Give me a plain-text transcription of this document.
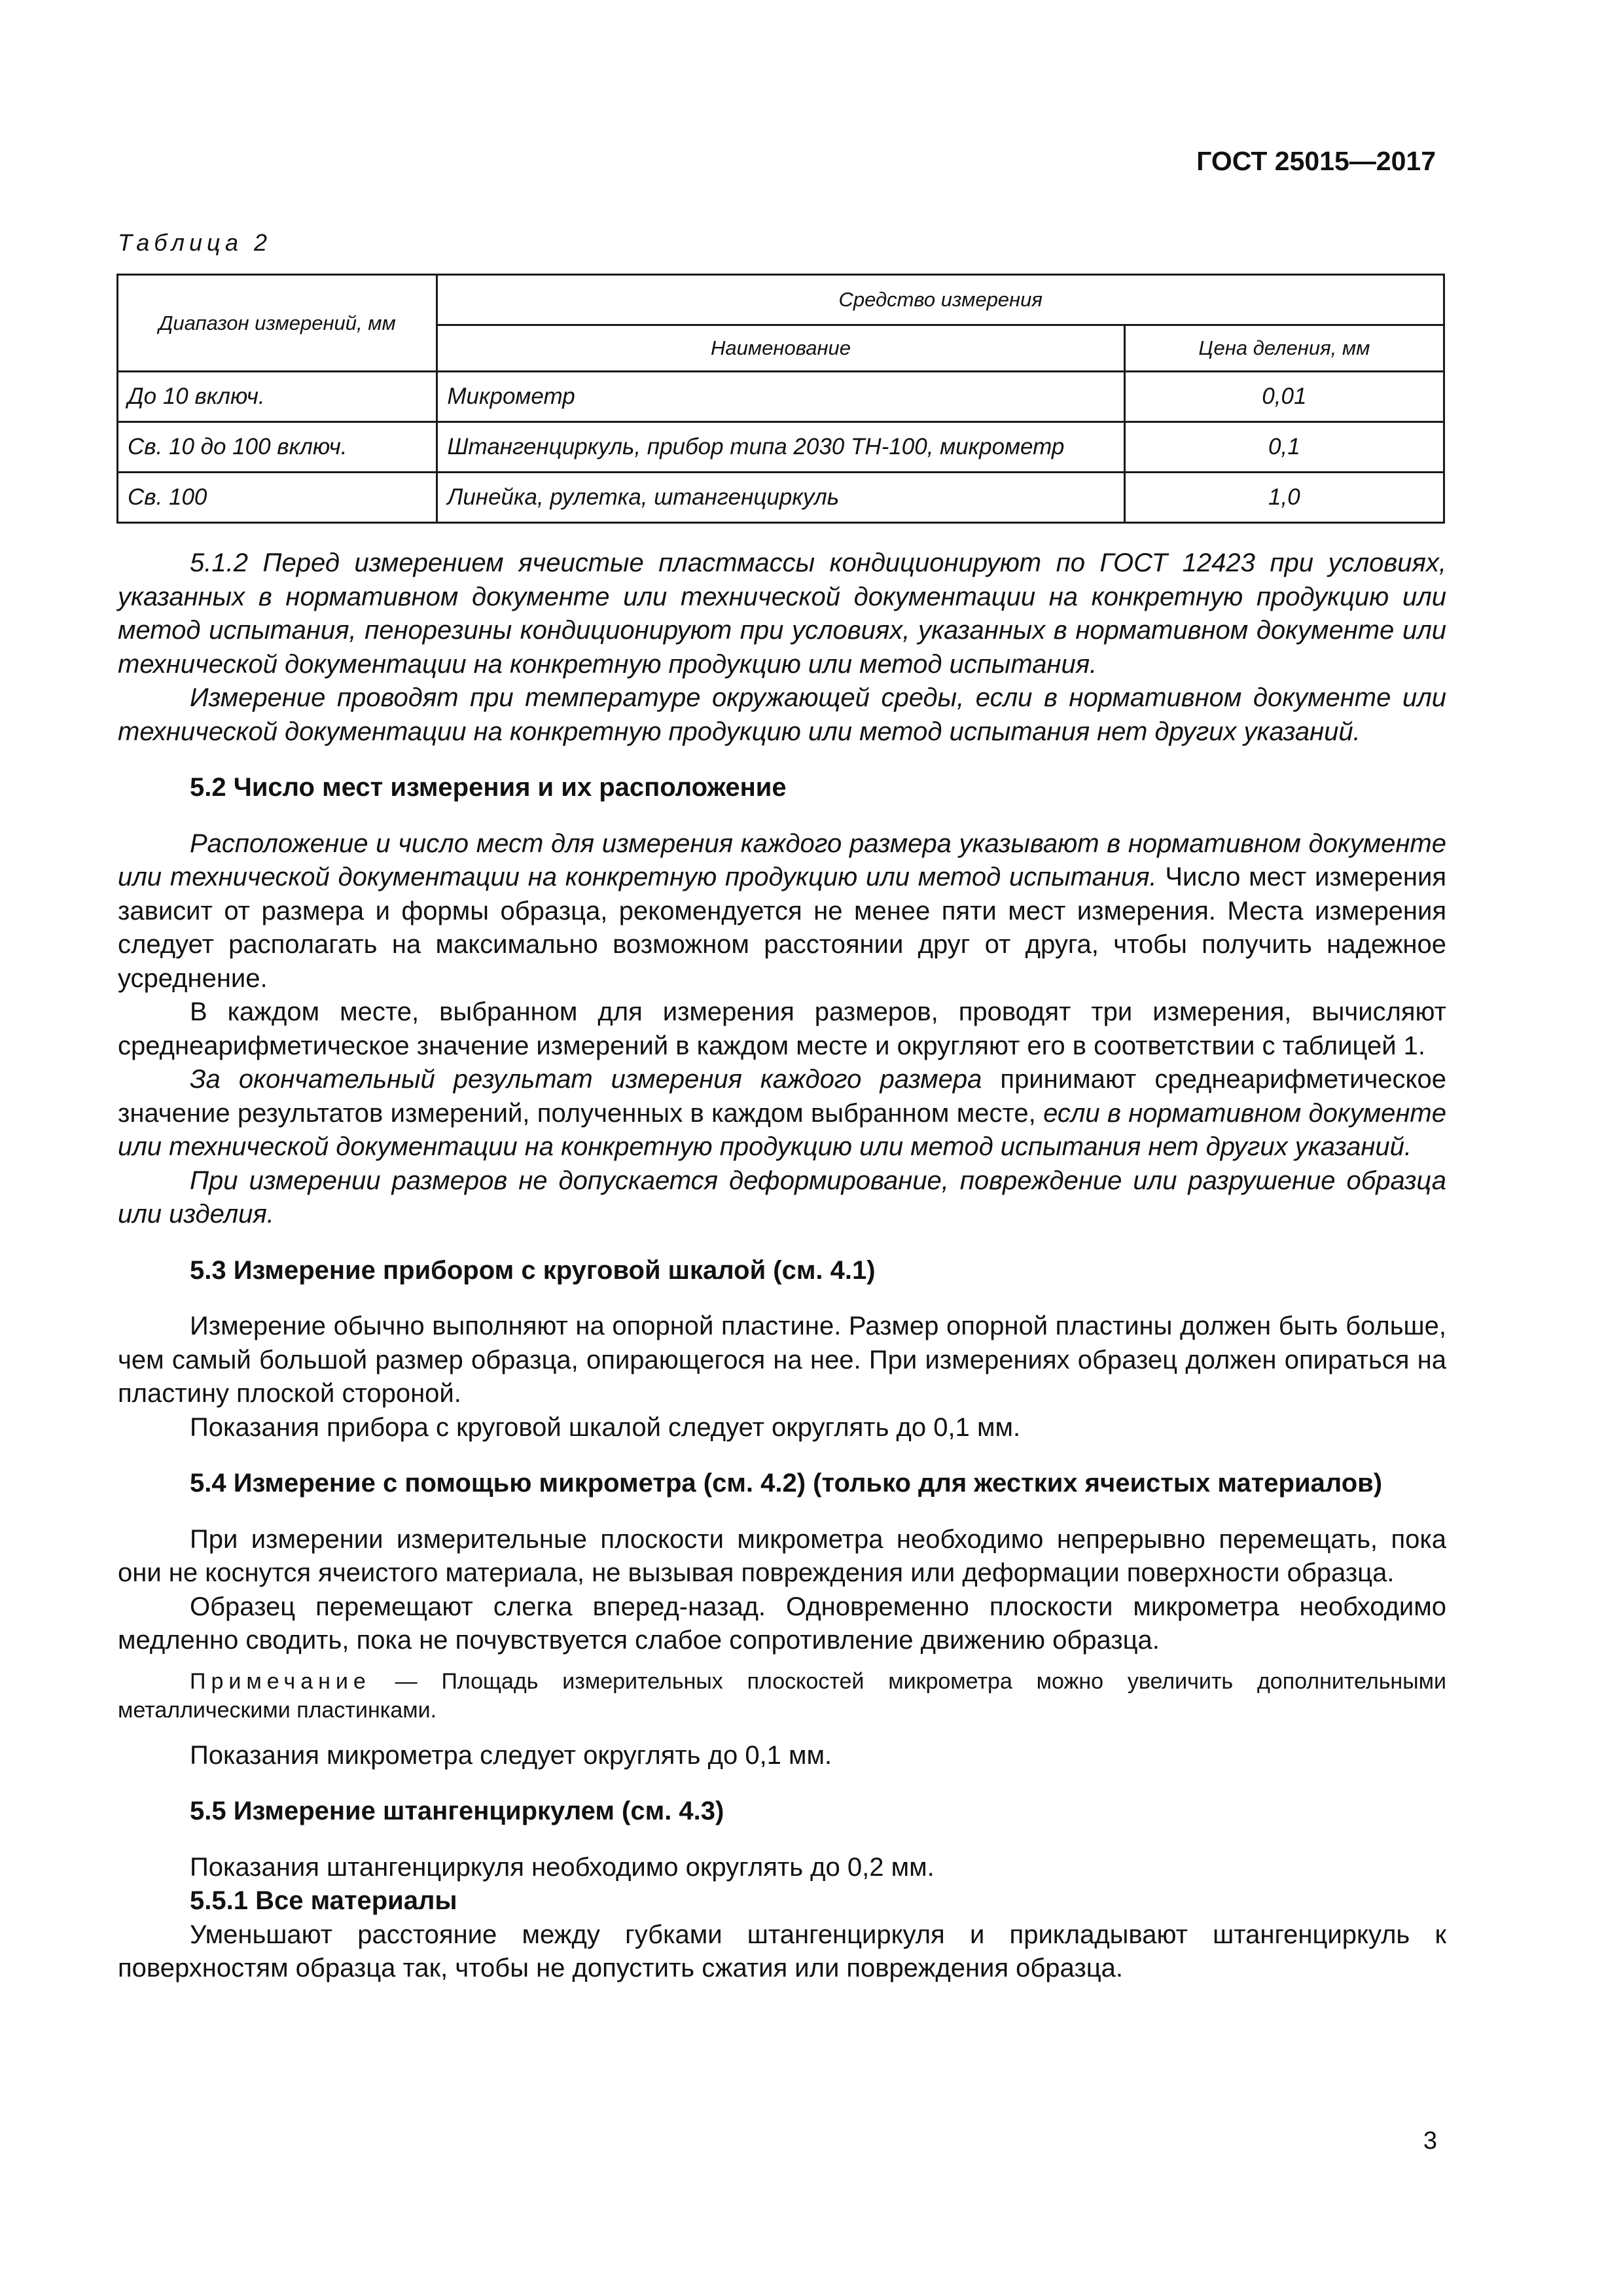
ГОСТ 25015—2017

Таблица 2

Диапазон измерений, мм	Средство измерения	
	Наименование	Цена деления, мм
До 10 включ.	Микрометр	0,01
Св. 10 до 100 включ.	Штангенциркуль, прибор типа 2030 ТН-100, микрометр	0,1
Св. 100	Линейка, рулетка, штангенциркуль	1,0

5.1.2 Перед измерением ячеистые пластмассы кондиционируют по ГОСТ 12423 при условиях, указанных в нормативном документе или технической документации на конкретную продукцию или метод испытания, пенорезины кондиционируют при условиях, указанных в нормативном документе или технической документации на конкретную продукцию или метод испытания.

Измерение проводят при температуре окружающей среды, если в нормативном документе или технической документации на конкретную продукцию или метод испытания нет других указаний.

5.2 Число мест измерения и их расположение

Расположение и число мест для измерения каждого размера указывают в нормативном документе или технической документации на конкретную продукцию или метод испытания. Число мест измерения зависит от размера и формы образца, рекомендуется не менее пяти мест измерения. Места измерения следует располагать на максимально возможном расстоянии друг от друга, чтобы получить надежное усреднение.

В каждом месте, выбранном для измерения размеров, проводят три измерения, вычисляют среднеарифметическое значение измерений в каждом месте и округляют его в соответствии с таблицей 1.

За окончательный результат измерения каждого размера принимают среднеарифметическое значение результатов измерений, полученных в каждом выбранном месте, если в нормативном документе или технической документации на конкретную продукцию или метод испытания нет других указаний.

При измерении размеров не допускается деформирование, повреждение или разрушение образца или изделия.

5.3 Измерение прибором с круговой шкалой (см. 4.1)

Измерение обычно выполняют на опорной пластине. Размер опорной пластины должен быть больше, чем самый большой размер образца, опирающегося на нее. При измерениях образец должен опираться на пластину плоской стороной.

Показания прибора с круговой шкалой следует округлять до 0,1 мм.

5.4 Измерение с помощью микрометра (см. 4.2) (только для жестких ячеистых материалов)

При измерении измерительные плоскости микрометра необходимо непрерывно перемещать, пока они не коснутся ячеистого материала, не вызывая повреждения или деформации поверхности образца.

Образец перемещают слегка вперед-назад. Одновременно плоскости микрометра необходимо медленно сводить, пока не почувствуется слабое сопротивление движению образца.

Примечание — Площадь измерительных плоскостей микрометра можно увеличить дополнительными металлическими пластинками.

Показания микрометра следует округлять до 0,1 мм.

5.5 Измерение штангенциркулем (см. 4.3)

Показания штангенциркуля необходимо округлять до 0,2 мм.

5.5.1 Все материалы

Уменьшают расстояние между губками штангенциркуля и прикладывают штангенциркуль к поверхностям образца так, чтобы не допустить сжатия или повреждения образца.

3
